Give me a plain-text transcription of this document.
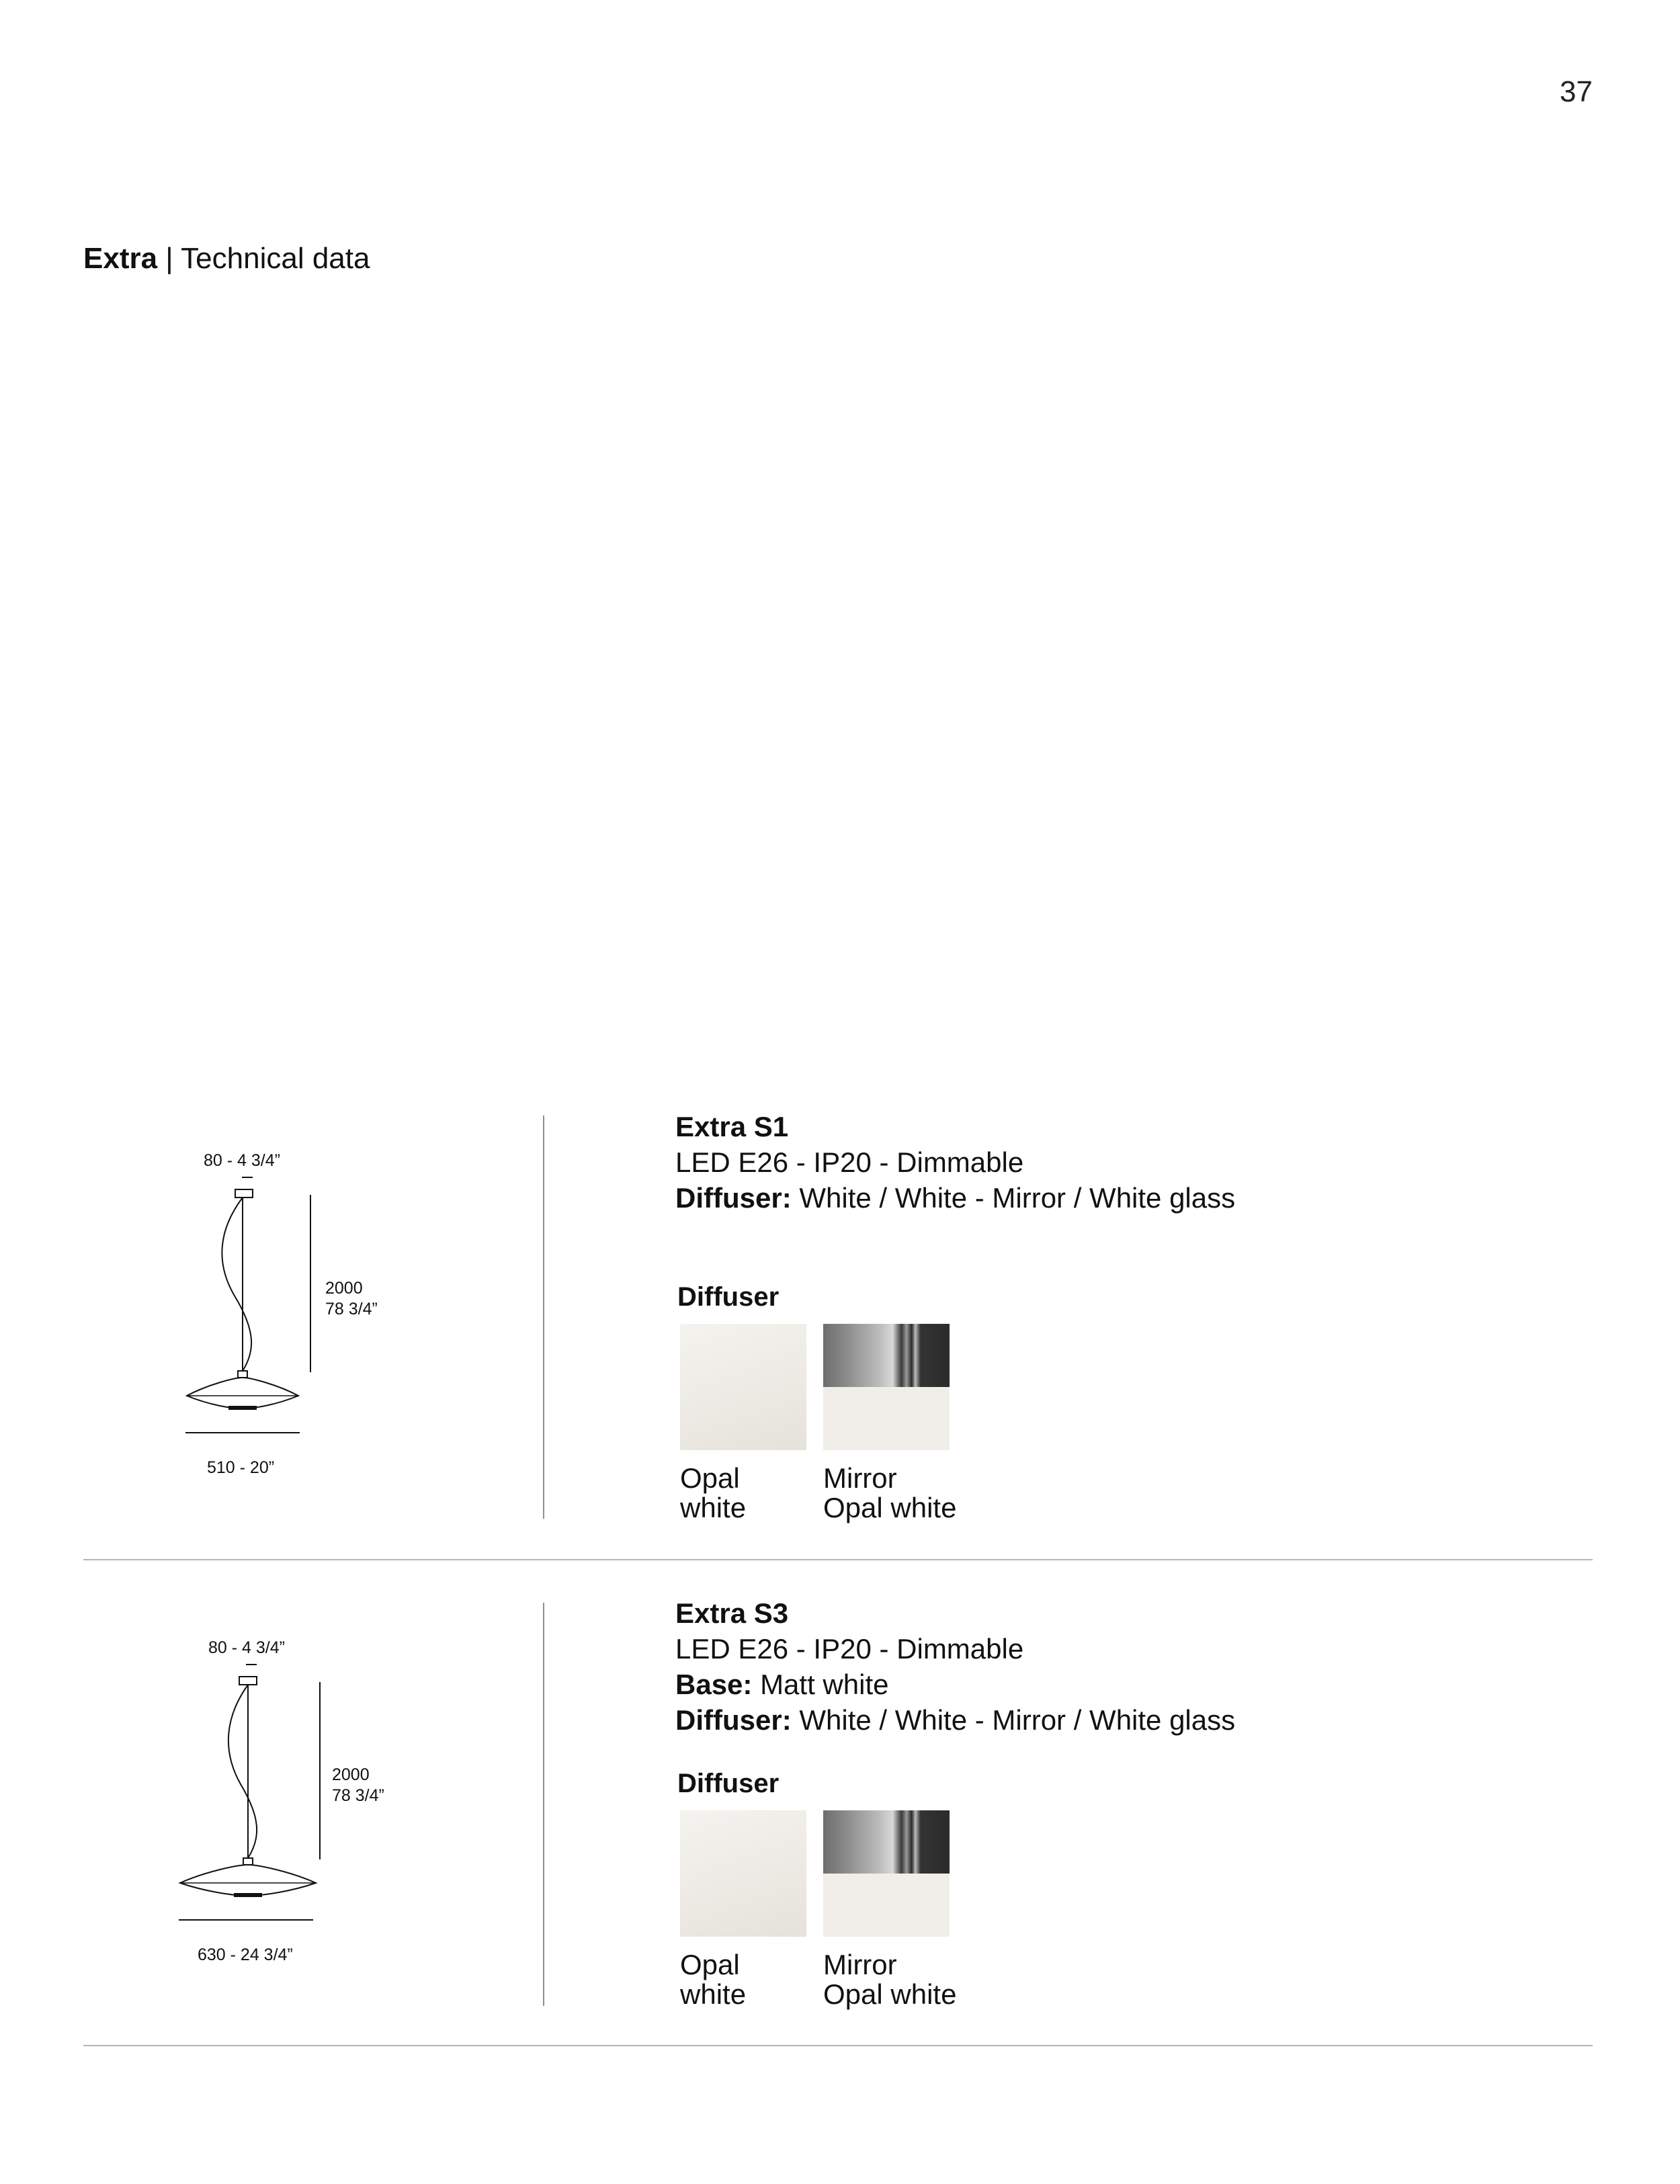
37
Extra | Technical data
80 - 4 3/4”
2000
78 3/4”
510 - 20”
Extra S1
LED E26 - IP20 - Dimmable
Diffuser: White / White - Mirror / White glass
Diffuser
Opal
white
Mirror
Opal white
80 - 4 3/4”
2000
78 3/4”
630 - 24 3/4”
Extra S3
LED E26 - IP20 - Dimmable
Base: Matt white
Diffuser: White / White - Mirror / White glass
Diffuser
Opal
white
Mirror
Opal white
